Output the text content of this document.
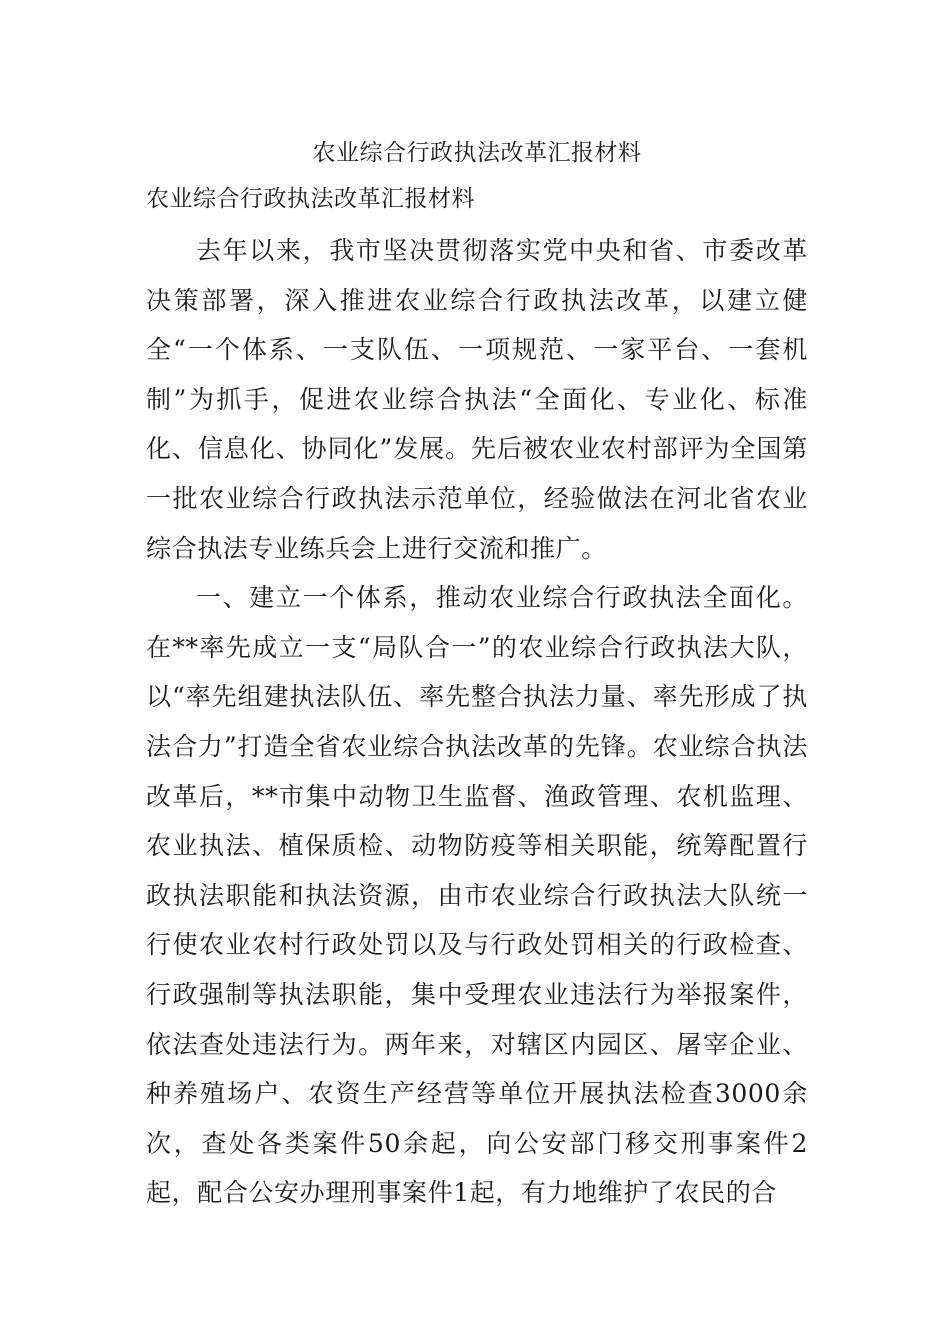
农业综合行政执法改革汇报材料
农业综合行政执法改革汇报材料

去年以来，我市坚决贯彻落实党中央和省、市委改革决策部署，深入推进农业综合行政执法改革，以建立健全“一个体系、一支队伍、一项规范、一家平台、一套机制”为抓手，促进农业综合执法“全面化、专业化、标准化、信息化、协同化”发展。先后被农业农村部评为全国第一批农业综合行政执法示范单位，经验做法在河北省农业综合执法专业练兵会上进行交流和推广。

一、建立一个体系，推动农业综合行政执法全面化。在**率先成立一支“局队合一”的农业综合行政执法大队，以“率先组建执法队伍、率先整合执法力量、率先形成了执法合力”打造全省农业综合执法改革的先锋。农业综合执法改革后，**市集中动物卫生监督、渔政管理、农机监理、农业执法、植保质检、动物防疫等相关职能，统筹配置行政执法职能和执法资源，由市农业综合行政执法大队统一行使农业农村行政处罚以及与行政处罚相关的行政检查、行政强制等执法职能，集中受理农业违法行为举报案件，依法查处违法行为。两年来，对辖区内园区、屠宰企业、种养殖场户、农资生产经营等单位开展执法检查3000余次，查处各类案件50余起，向公安部门移交刑事案件2起，配合公安办理刑事案件1起，有力地维护了农民的合
